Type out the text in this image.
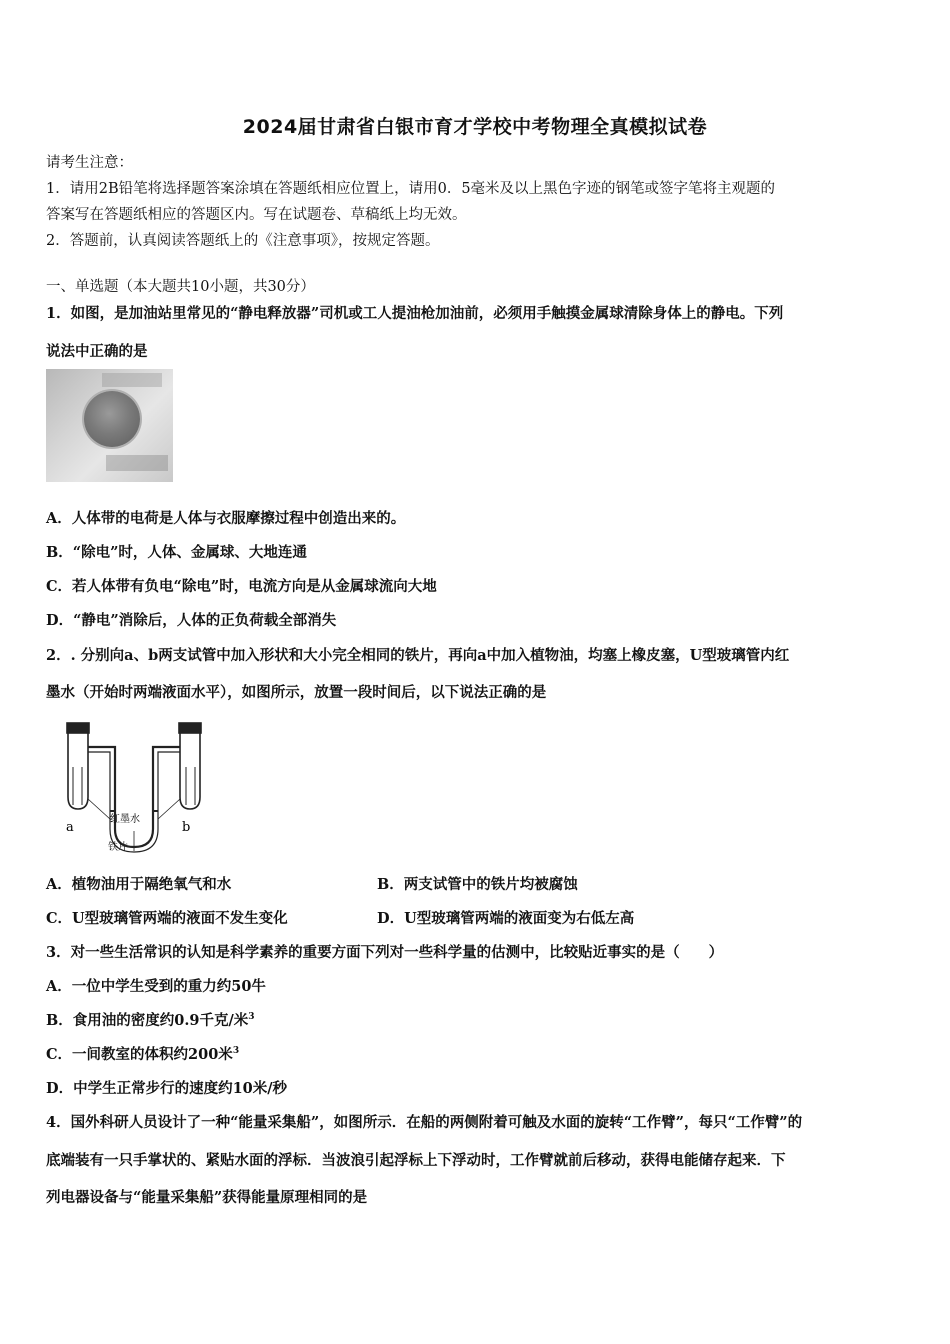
2024届甘肃省白银市育才学校中考物理全真模拟试卷
请考生注意：
1．请用2B铅笔将选择题答案涂填在答题纸相应位置上，请用0．5毫米及以上黑色字迹的钢笔或签字笔将主观题的
答案写在答题纸相应的答题区内。写在试题卷、草稿纸上均无效。
2．答题前，认真阅读答题纸上的《注意事项》，按规定答题。
一、单选题（本大题共10小题，共30分）
1．如图，是加油站里常见的“静电释放器”司机或工人提油枪加油前，必须用手触摸金属球清除身体上的静电。下列
说法中正确的是
A．人体带的电荷是人体与衣服摩擦过程中创造出来的。
B．“除电”时，人体、金属球、大地连通
C．若人体带有负电“除电”时，电流方向是从金属球流向大地
D．“静电”消除后，人体的正负荷载全部消失
2．. 分别向a、b两支试管中加入形状和大小完全相同的铁片，再向a中加入植物油，均塞上橡皮塞，U型玻璃管内红
墨水（开始时两端液面水平），如图所示，放置一段时间后，以下说法正确的是
a	b
红墨水
铁片
A．植物油用于隔绝氧气和水	B．两支试管中的铁片均被腐蚀
C．U型玻璃管两端的液面不发生变化	D．U型玻璃管两端的液面变为右低左高
3．对一些生活常识的认知是科学素养的重要方面下列对一些科学量的估测中，比较贴近事实的是（　　）
A．一位中学生受到的重力约50牛
B．食用油的密度约0.9千克/米$^3$
C．一间教室的体积约200米$^3$
D．中学生正常步行的速度约10米/秒
4．国外科研人员设计了一种“能量采集船”，如图所示．在船的两侧附着可触及水面的旋转“工作臂”，每只“工作臂”的
底端装有一只手掌状的、紧贴水面的浮标．当波浪引起浮标上下浮动时，工作臂就前后移动，获得电能储存起来．下
列电器设备与“能量采集船”获得能量原理相同的是
